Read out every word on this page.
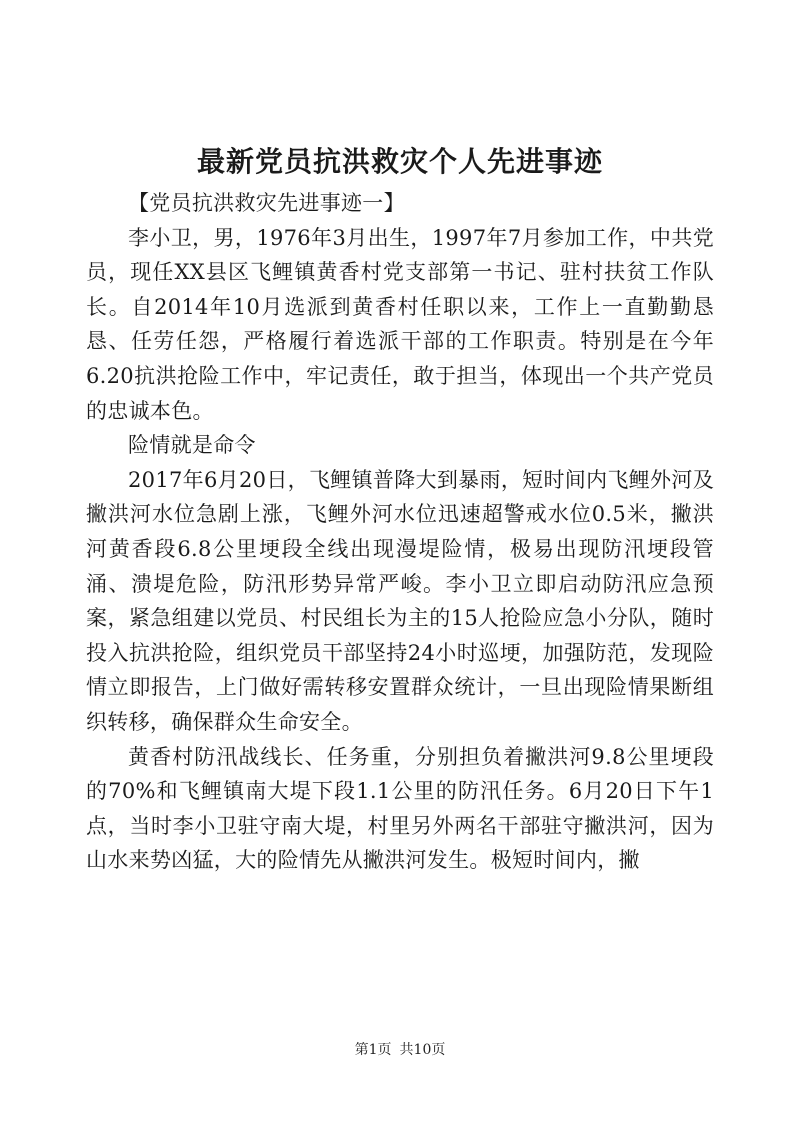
最新党员抗洪救灾个人先进事迹

【党员抗洪救灾先进事迹一】

李小卫，男，1976年3月出生，1997年7月参加工作，中共党员，现任XX县区飞鲤镇黄香村党支部第一书记、驻村扶贫工作队长。自2014年10月选派到黄香村任职以来，工作上一直勤勤恳恳、任劳任怨，严格履行着选派干部的工作职责。特别是在今年6.20抗洪抢险工作中，牢记责任，敢于担当，体现出一个共产党员的忠诚本色。

险情就是命令

2017年6月20日，飞鲤镇普降大到暴雨，短时间内飞鲤外河及撇洪河水位急剧上涨，飞鲤外河水位迅速超警戒水位0.5米，撇洪河黄香段6.8公里埂段全线出现漫堤险情，极易出现防汛埂段管涌、溃堤危险，防汛形势异常严峻。李小卫立即启动防汛应急预案，紧急组建以党员、村民组长为主的15人抢险应急小分队，随时投入抗洪抢险，组织党员干部坚持24小时巡埂，加强防范，发现险情立即报告，上门做好需转移安置群众统计，一旦出现险情果断组织转移，确保群众生命安全。

黄香村防汛战线长、任务重，分别担负着撇洪河9.8公里埂段的70%和飞鲤镇南大堤下段1.1公里的防汛任务。6月20日下午1点，当时李小卫驻守南大堤，村里另外两名干部驻守撇洪河，因为山水来势凶猛，大的险情先从撇洪河发生。极短时间内，撇

第1页 共10页
